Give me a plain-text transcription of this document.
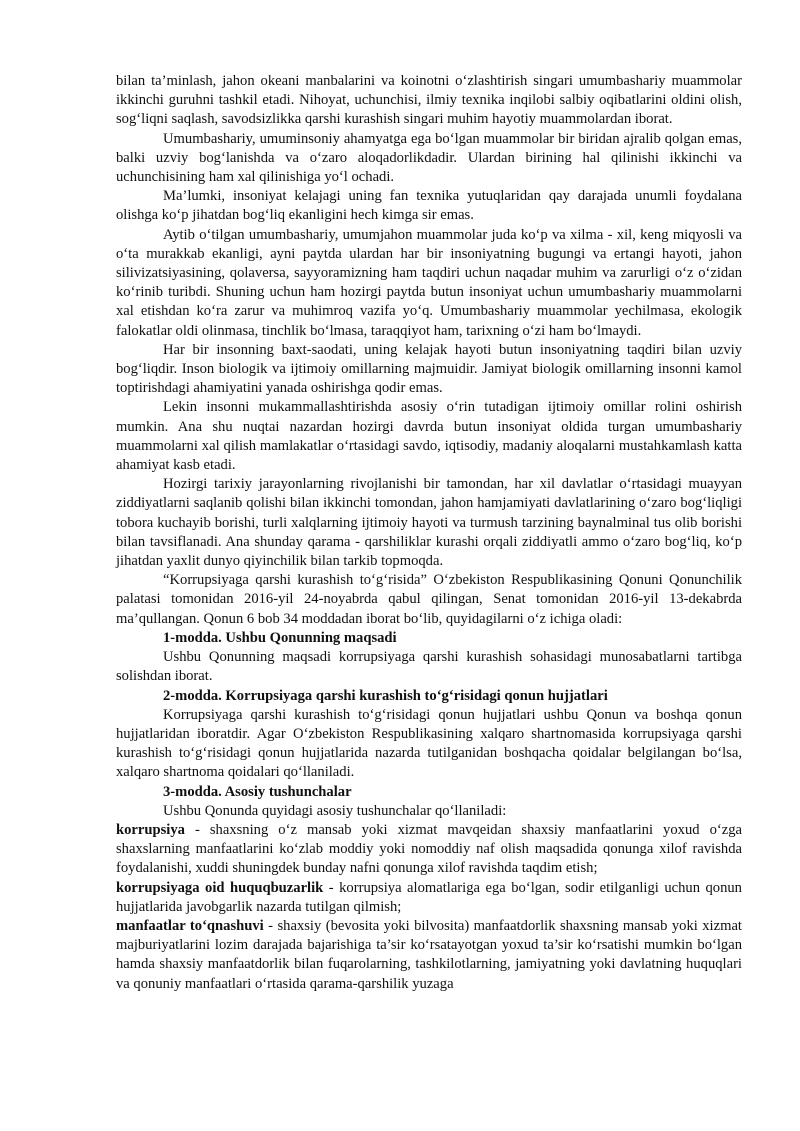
bilan ta’minlash, jahon okeani manbalarini va koinotni o‘zlashtirish singari umumbashariy muammolar ikkinchi guruhni tashkil etadi. Nihoyat, uchunchisi, ilmiy texnika inqilobi salbiy oqibatlarini oldini olish, sog‘liqni saqlash, savodsizlikka qarshi kurashish singari muhim hayotiy muammolardan iborat.

Umumbashariy, umuminsoniy ahamyatga ega bo‘lgan muammolar bir biridan ajralib qolgan emas, balki uzviy bog‘lanishda va o‘zaro aloqadorlikdadir. Ulardan birining hal qilinishi ikkinchi va uchunchisining ham xal qilinishiga yo‘l ochadi.

Ma’lumki, insoniyat kelajagi uning fan texnika yutuqlaridan qay darajada unumli foydalana olishga ko‘p jihatdan bog‘liq ekanligini hech kimga sir emas.

Aytib o‘tilgan umumbashariy, umumjahon muammolar juda ko‘p va xilma - xil, keng miqyosli va o‘ta murakkab ekanligi, ayni paytda ulardan har bir insoniyatning bugungi va ertangi hayoti, jahon silivizatsiyasining, qolaversa, sayyoramizning ham taqdiri uchun naqadar muhim va zarurligi o‘z o‘zidan ko‘rinib turibdi. Shuning uchun ham hozirgi paytda butun insoniyat uchun umumbashariy muammolarni xal etishdan ko‘ra zarur va muhimroq vazifa yo‘q. Umumbashariy muammolar yechilmasa, ekologik falokatlar oldi olinmasa, tinchlik bo‘lmasa, taraqqiyot ham, tarixning o‘zi ham bo‘lmaydi.

Har bir insonning baxt-saodati, uning kelajak hayoti butun insoniyatning taqdiri bilan uzviy bog‘liqdir. Inson biologik va ijtimoiy omillarning majmuidir. Jamiyat biologik omillarning insonni kamol toptirishdagi ahamiyatini yanada oshirishga qodir emas.

Lekin insonni mukammallashtirishda asosiy o‘rin tutadigan ijtimoiy omillar rolini oshirish mumkin. Ana shu nuqtai nazardan hozirgi davrda butun insoniyat oldida turgan umumbashariy muammolarni xal qilish mamlakatlar o‘rtasidagi savdo, iqtisodiy, madaniy aloqalarni mustahkamlash katta ahamiyat kasb etadi.

Hozirgi tarixiy jarayonlarning rivojlanishi bir tamondan, har xil davlatlar o‘rtasidagi muayyan ziddiyatlarni saqlanib qolishi bilan ikkinchi tomondan, jahon hamjamiyati davlatlarining o‘zaro bog‘liqligi tobora kuchayib borishi, turli xalqlarning ijtimoiy hayoti va turmush tarzining baynalminal tus olib borishi bilan tavsiflanadi. Ana shunday qarama - qarshiliklar kurashi orqali ziddiyatli ammo o‘zaro bog‘liq, ko‘p jihatdan yaxlit dunyo qiyinchilik bilan tarkib topmoqda.

“Korrupsiyaga qarshi kurashish to‘g‘risida” O‘zbekiston Respublikasining Qonuni Qonunchilik palatasi tomonidan 2016-yil 24-noyabrda qabul qilingan, Senat tomonidan 2016-yil 13-dekabrda ma’qullangan. Qonun 6 bob 34 moddadan iborat bo‘lib, quyidagilarni o‘z ichiga oladi:

1-modda. Ushbu Qonunning maqsadi

Ushbu Qonunning maqsadi korrupsiyaga qarshi kurashish sohasidagi munosabatlarni tartibga solishdan iborat.

2-modda. Korrupsiyaga qarshi kurashish to‘g‘risidagi qonun hujjatlari

Korrupsiyaga qarshi kurashish to‘g‘risidagi qonun hujjatlari ushbu Qonun va boshqa qonun hujjatlaridan iboratdir. Agar O‘zbekiston Respublikasining xalqaro shartnomasida korrupsiyaga qarshi kurashish to‘g‘risidagi qonun hujjatlarida nazarda tutilganidan boshqacha qoidalar belgilangan bo‘lsa, xalqaro shartnoma qoidalari qo‘llaniladi.

3-modda. Asosiy tushunchalar

Ushbu Qonunda quyidagi asosiy tushunchalar qo‘llaniladi:

korrupsiya - shaxsning o‘z mansab yoki xizmat mavqeidan shaxsiy manfaatlarini yoxud o‘zga shaxslarning manfaatlarini ko‘zlab moddiy yoki nomoddiy naf olish maqsadida qonunga xilof ravishda foydalanishi, xuddi shuningdek bunday nafni qonunga xilof ravishda taqdim etish;

korrupsiyaga oid huquqbuzarlik - korrupsiya alomatlariga ega bo‘lgan, sodir etilganligi uchun qonun hujjatlarida javobgarlik nazarda tutilgan qilmish;

manfaatlar to‘qnashuvi - shaxsiy (bevosita yoki bilvosita) manfaatdorlik shaxsning mansab yoki xizmat majburiyatlarini lozim darajada bajarishiga ta’sir ko‘rsatayotgan yoxud ta’sir ko‘rsatishi mumkin bo‘lgan hamda shaxsiy manfaatdorlik bilan fuqarolarning, tashkilotlarning, jamiyatning yoki davlatning huquqlari va qonuniy manfaatlari o‘rtasida qarama-qarshilik yuzaga
